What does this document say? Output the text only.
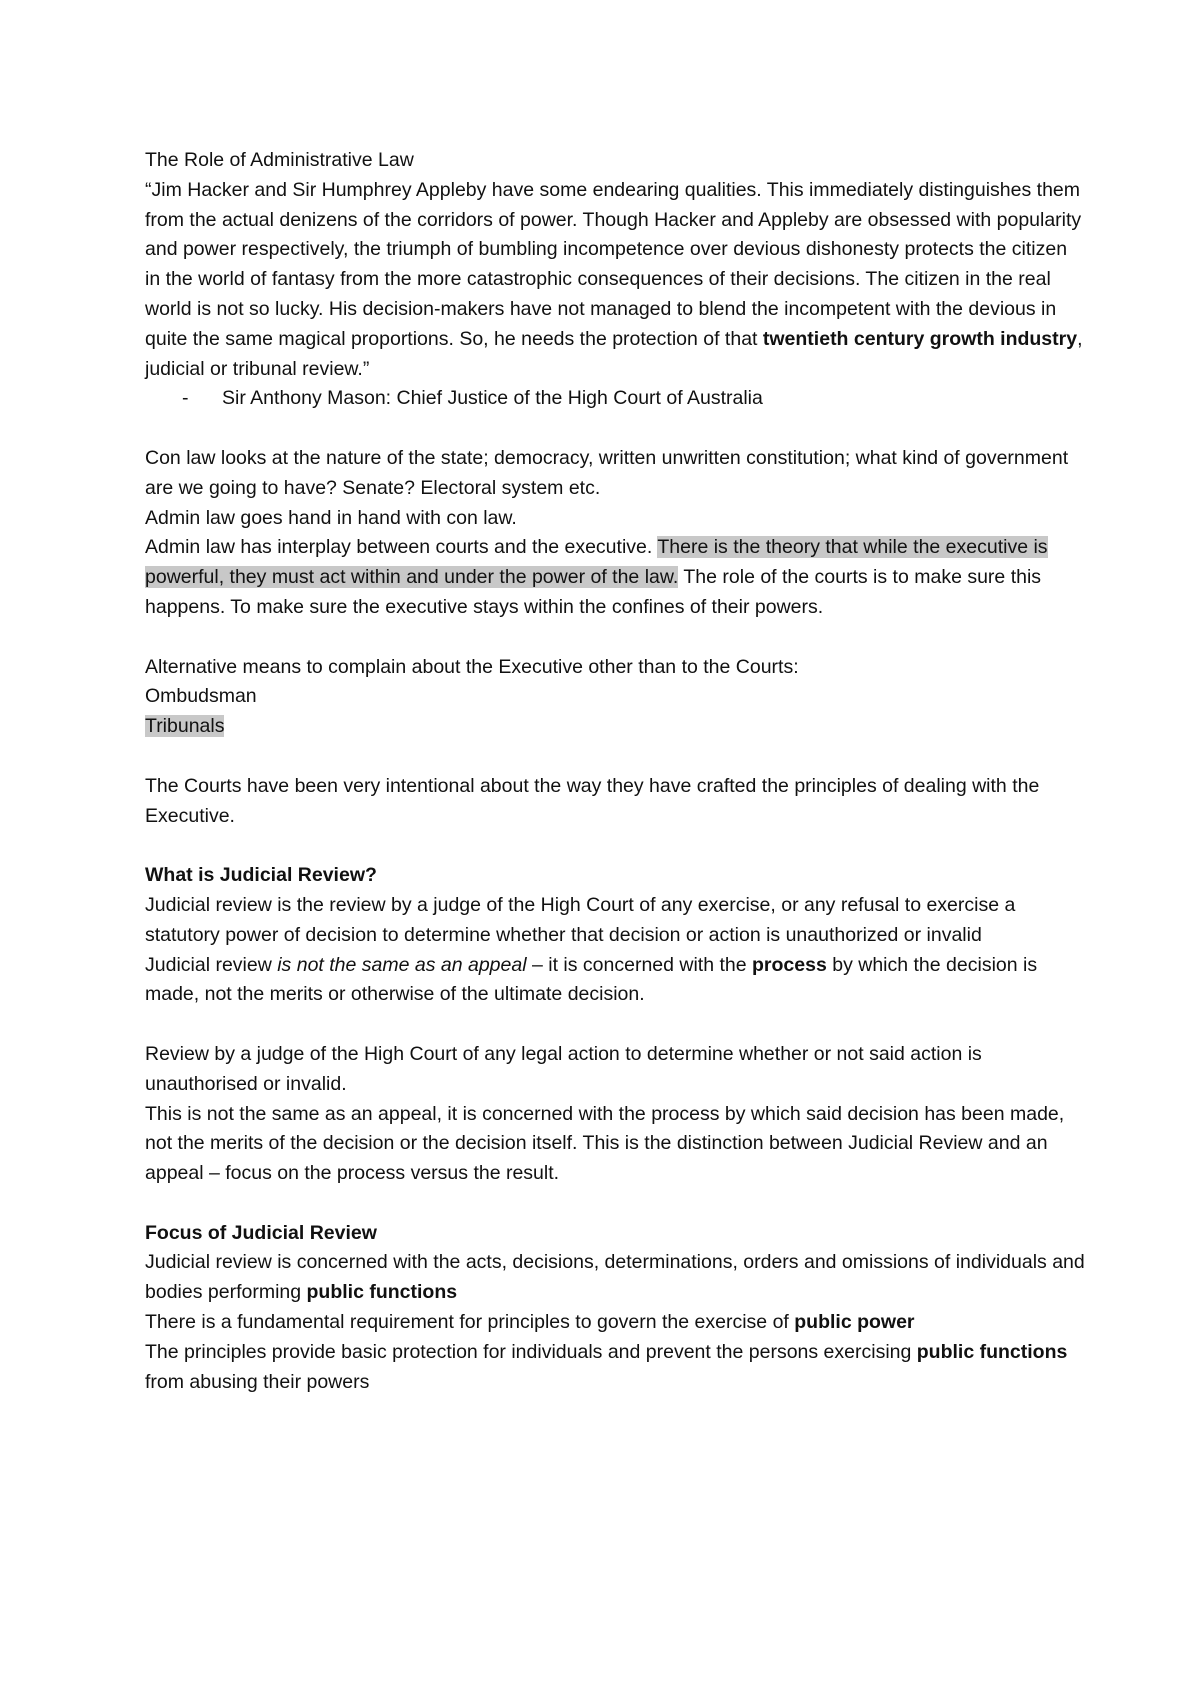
The Role of Administrative Law

“Jim Hacker and Sir Humphrey Appleby have some endearing qualities. This immediately distinguishes them from the actual denizens of the corridors of power. Though Hacker and Appleby are obsessed with popularity and power respectively, the triumph of bumbling incompetence over devious dishonesty protects the citizen in the world of fantasy from the more catastrophic consequences of their decisions. The citizen in the real world is not so lucky. His decision-makers have not managed to blend the incompetent with the devious in quite the same magical proportions. So, he needs the protection of that twentieth century growth industry, judicial or tribunal review.”

- Sir Anthony Mason: Chief Justice of the High Court of Australia

Con law looks at the nature of the state; democracy, written unwritten constitution; what kind of government are we going to have? Senate? Electoral system etc.

Admin law goes hand in hand with con law.

Admin law has interplay between courts and the executive. There is the theory that while the executive is powerful, they must act within and under the power of the law. The role of the courts is to make sure this happens. To make sure the executive stays within the confines of their powers.

Alternative means to complain about the Executive other than to the Courts:

Ombudsman

Tribunals

The Courts have been very intentional about the way they have crafted the principles of dealing with the Executive.

What is Judicial Review?

Judicial review is the review by a judge of the High Court of any exercise, or any refusal to exercise a statutory power of decision to determine whether that decision or action is unauthorized or invalid

Judicial review is not the same as an appeal – it is concerned with the process by which the decision is made, not the merits or otherwise of the ultimate decision.

Review by a judge of the High Court of any legal action to determine whether or not said action is unauthorised or invalid.

This is not the same as an appeal, it is concerned with the process by which said decision has been made, not the merits of the decision or the decision itself. This is the distinction between Judicial Review and an appeal – focus on the process versus the result.

Focus of Judicial Review

Judicial review is concerned with the acts, decisions, determinations, orders and omissions of individuals and bodies performing public functions

There is a fundamental requirement for principles to govern the exercise of public power

The principles provide basic protection for individuals and prevent the persons exercising public functions from abusing their powers
